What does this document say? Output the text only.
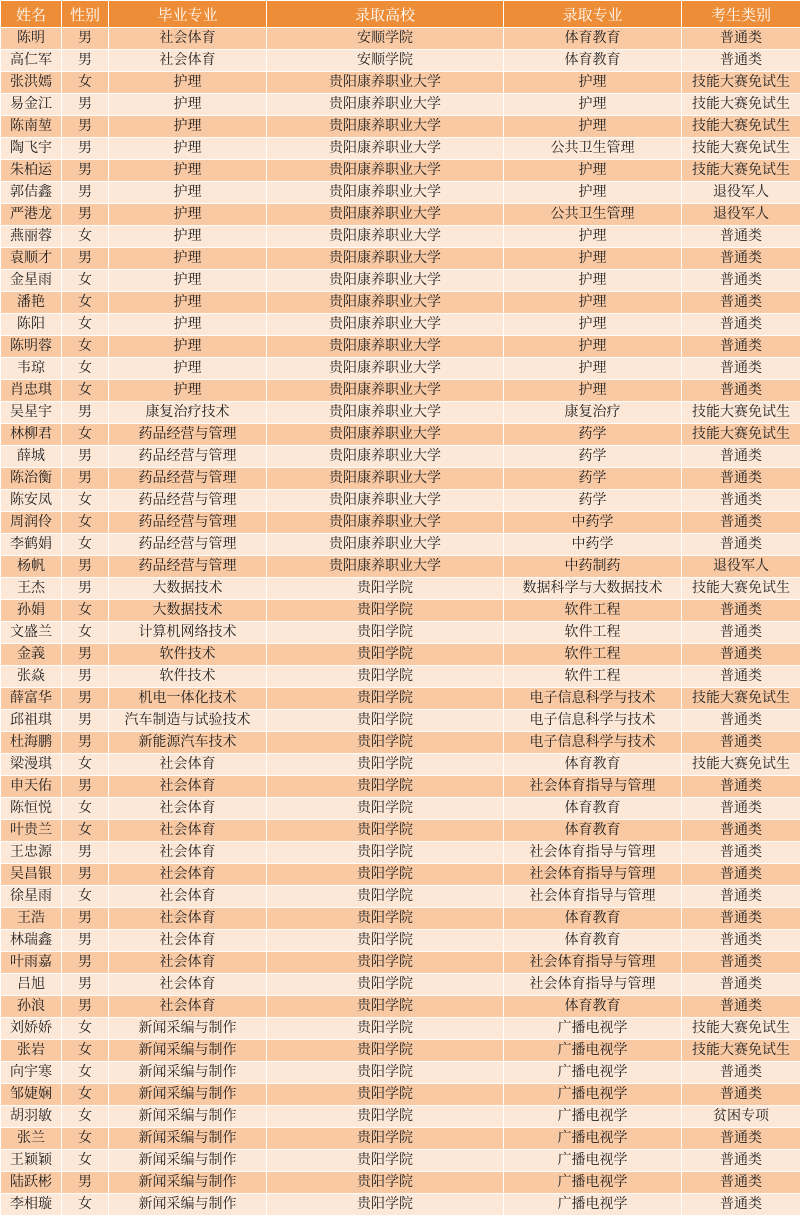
姓名	性别	毕业专业	录取高校	录取专业	考生类别
陈明	男	社会体育	安顺学院	体育教育	普通类
高仁军	男	社会体育	安顺学院	体育教育	普通类
张洪嫣	女	护理	贵阳康养职业大学	护理	技能大赛免试生
易金江	男	护理	贵阳康养职业大学	护理	技能大赛免试生
陈南堃	男	护理	贵阳康养职业大学	护理	技能大赛免试生
陶飞宇	男	护理	贵阳康养职业大学	公共卫生管理	技能大赛免试生
朱柏运	男	护理	贵阳康养职业大学	护理	技能大赛免试生
郭佶鑫	男	护理	贵阳康养职业大学	护理	退役军人
严港龙	男	护理	贵阳康养职业大学	公共卫生管理	退役军人
燕丽蓉	女	护理	贵阳康养职业大学	护理	普通类
袁顺才	男	护理	贵阳康养职业大学	护理	普通类
金星雨	女	护理	贵阳康养职业大学	护理	普通类
潘艳	女	护理	贵阳康养职业大学	护理	普通类
陈阳	女	护理	贵阳康养职业大学	护理	普通类
陈明蓉	女	护理	贵阳康养职业大学	护理	普通类
韦琼	女	护理	贵阳康养职业大学	护理	普通类
肖忠琪	女	护理	贵阳康养职业大学	护理	普通类
吴星宇	男	康复治疗技术	贵阳康养职业大学	康复治疗	技能大赛免试生
林柳君	女	药品经营与管理	贵阳康养职业大学	药学	技能大赛免试生
薛城	男	药品经营与管理	贵阳康养职业大学	药学	普通类
陈治衡	男	药品经营与管理	贵阳康养职业大学	药学	普通类
陈安凤	女	药品经营与管理	贵阳康养职业大学	药学	普通类
周润伶	女	药品经营与管理	贵阳康养职业大学	中药学	普通类
李鹤娟	女	药品经营与管理	贵阳康养职业大学	中药学	普通类
杨帆	男	药品经营与管理	贵阳康养职业大学	中药制药	退役军人
王杰	男	大数据技术	贵阳学院	数据科学与大数据技术	技能大赛免试生
孙娟	女	大数据技术	贵阳学院	软件工程	普通类
文盛兰	女	计算机网络技术	贵阳学院	软件工程	普通类
金義	男	软件技术	贵阳学院	软件工程	普通类
张焱	男	软件技术	贵阳学院	软件工程	普通类
薛富华	男	机电一体化技术	贵阳学院	电子信息科学与技术	技能大赛免试生
邱祖琪	男	汽车制造与试验技术	贵阳学院	电子信息科学与技术	普通类
杜海鹏	男	新能源汽车技术	贵阳学院	电子信息科学与技术	普通类
梁漫琪	女	社会体育	贵阳学院	体育教育	技能大赛免试生
申天佑	男	社会体育	贵阳学院	社会体育指导与管理	普通类
陈恒悦	女	社会体育	贵阳学院	体育教育	普通类
叶贵兰	女	社会体育	贵阳学院	体育教育	普通类
王忠源	男	社会体育	贵阳学院	社会体育指导与管理	普通类
吴昌银	男	社会体育	贵阳学院	社会体育指导与管理	普通类
徐星雨	女	社会体育	贵阳学院	社会体育指导与管理	普通类
王浩	男	社会体育	贵阳学院	体育教育	普通类
林瑞鑫	男	社会体育	贵阳学院	体育教育	普通类
叶雨嘉	男	社会体育	贵阳学院	社会体育指导与管理	普通类
吕旭	男	社会体育	贵阳学院	社会体育指导与管理	普通类
孙浪	男	社会体育	贵阳学院	体育教育	普通类
刘娇娇	女	新闻采编与制作	贵阳学院	广播电视学	技能大赛免试生
张岩	女	新闻采编与制作	贵阳学院	广播电视学	技能大赛免试生
向宇寒	女	新闻采编与制作	贵阳学院	广播电视学	普通类
邹婕娴	女	新闻采编与制作	贵阳学院	广播电视学	普通类
胡羽敏	女	新闻采编与制作	贵阳学院	广播电视学	贫困专项
张兰	女	新闻采编与制作	贵阳学院	广播电视学	普通类
王颖颖	女	新闻采编与制作	贵阳学院	广播电视学	普通类
陆跃彬	男	新闻采编与制作	贵阳学院	广播电视学	普通类
李相璇	女	新闻采编与制作	贵阳学院	广播电视学	普通类
